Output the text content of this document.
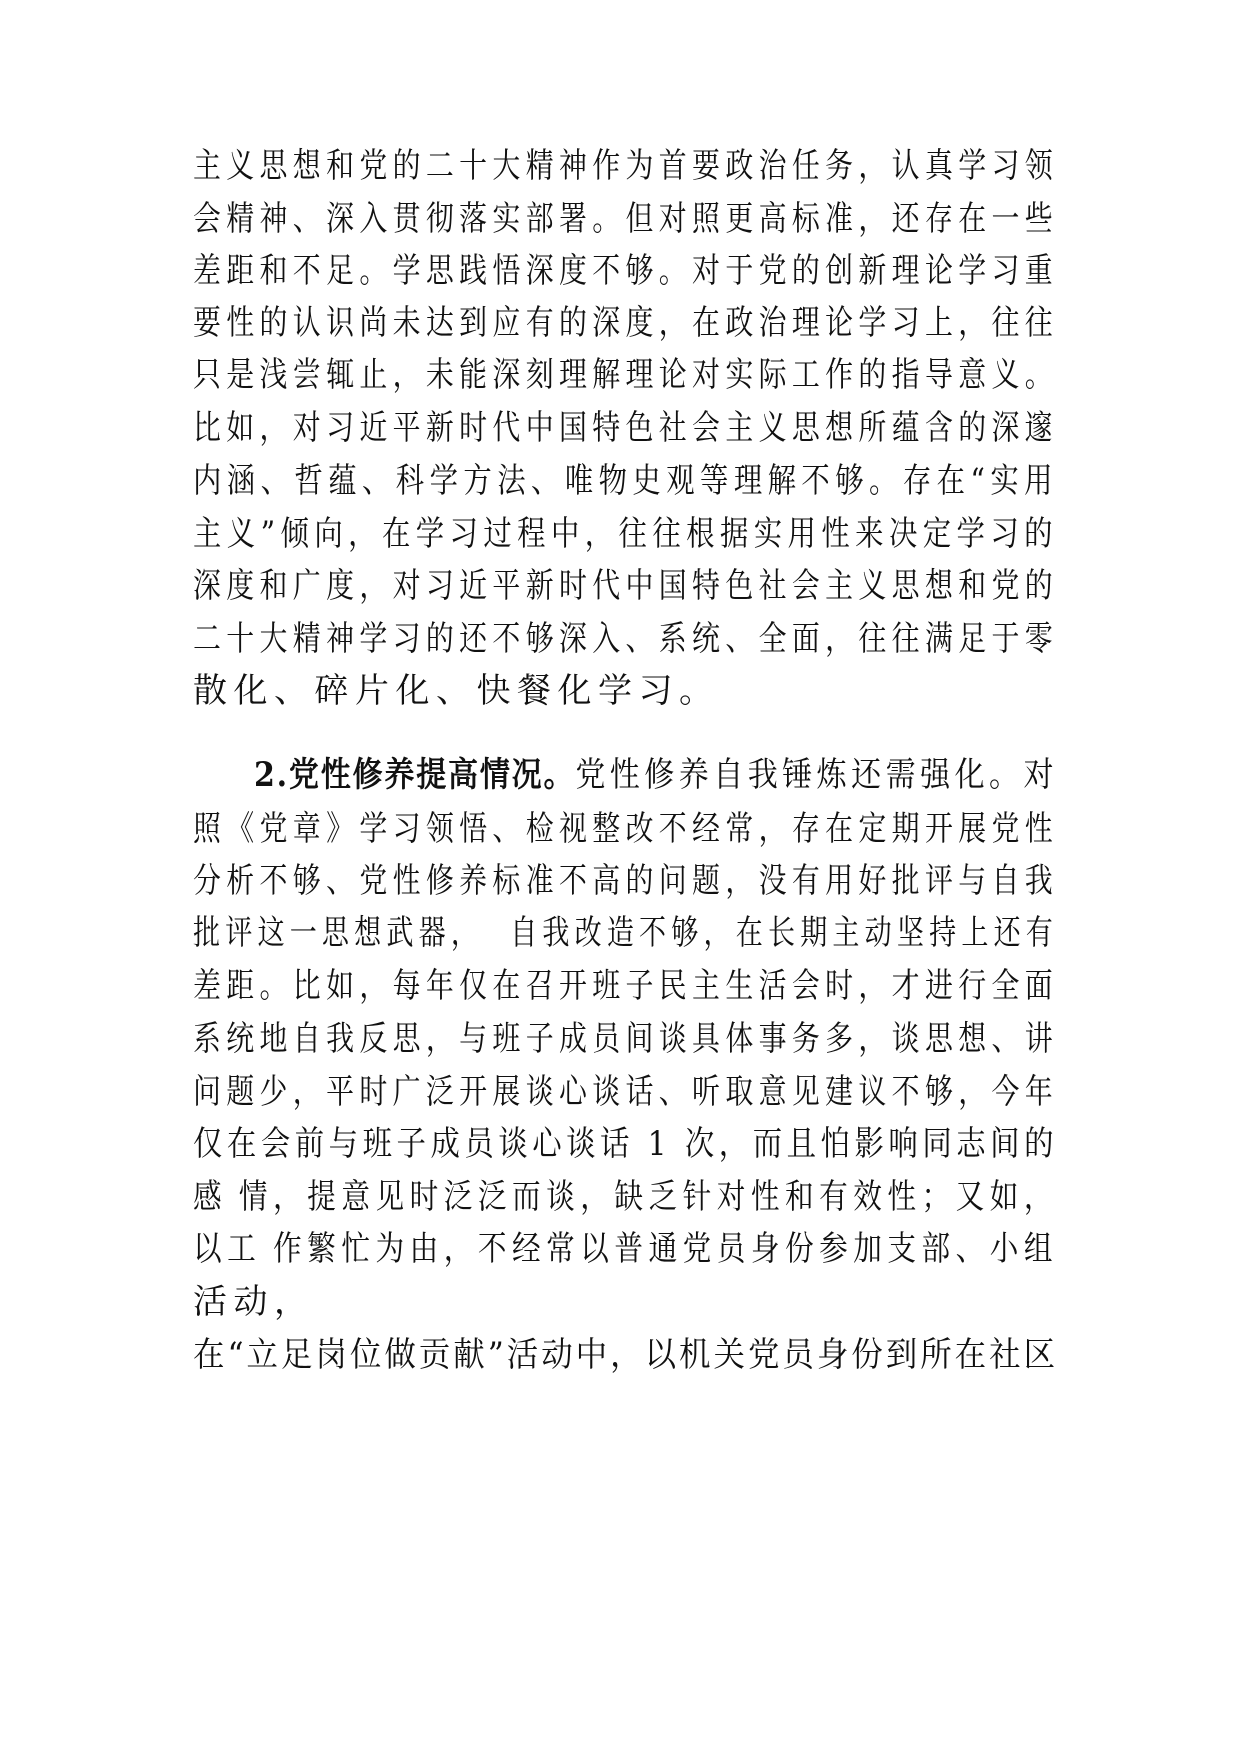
主义思想和党的二十大精神作为首要政治任务，认真学习领
会精神、深入贯彻落实部署。但对照更高标准，还存在一些
差距和不足。学思践悟深度不够。对于党的创新理论学习重
要性的认识尚未达到应有的深度，在政治理论学习上，往往
只是浅尝辄止，未能深刻理解理论对实际工作的指导意义。
比如，对习近平新时代中国特色社会主义思想所蕴含的深邃
内涵、哲蕴、科学方法、唯物史观等理解不够。存在“实用
主义”倾向，在学习过程中，往往根据实用性来决定学习的
深度和广度，对习近平新时代中国特色社会主义思想和党的
二十大精神学习的还不够深入、系统、全面，往往满足于零
散化、碎片化、快餐化学习。
2.党性修养提高情况。党性修养自我锤炼还需强化。对
照《党章》学习领悟、检视整改不经常，存在定期开展党性
分析不够、党性修养标准不高的问题，没有用好批评与自我
批评这一思想武器， 自我改造不够，在长期主动坚持上还有
差距。比如，每年仅在召开班子民主生活会时，才进行全面
系统地自我反思，与班子成员间谈具体事务多，谈思想、讲
问题少，平时广泛开展谈心谈话、听取意见建议不够，今年
仅在会前与班子成员谈心谈话 1 次，而且怕影响同志间的
感 情，提意见时泛泛而谈，缺乏针对性和有效性；又如，
以工 作繁忙为由，不经常以普通党员身份参加支部、小组
活动，
在“立足岗位做贡献”活动中，以机关党员身份到所在社区
